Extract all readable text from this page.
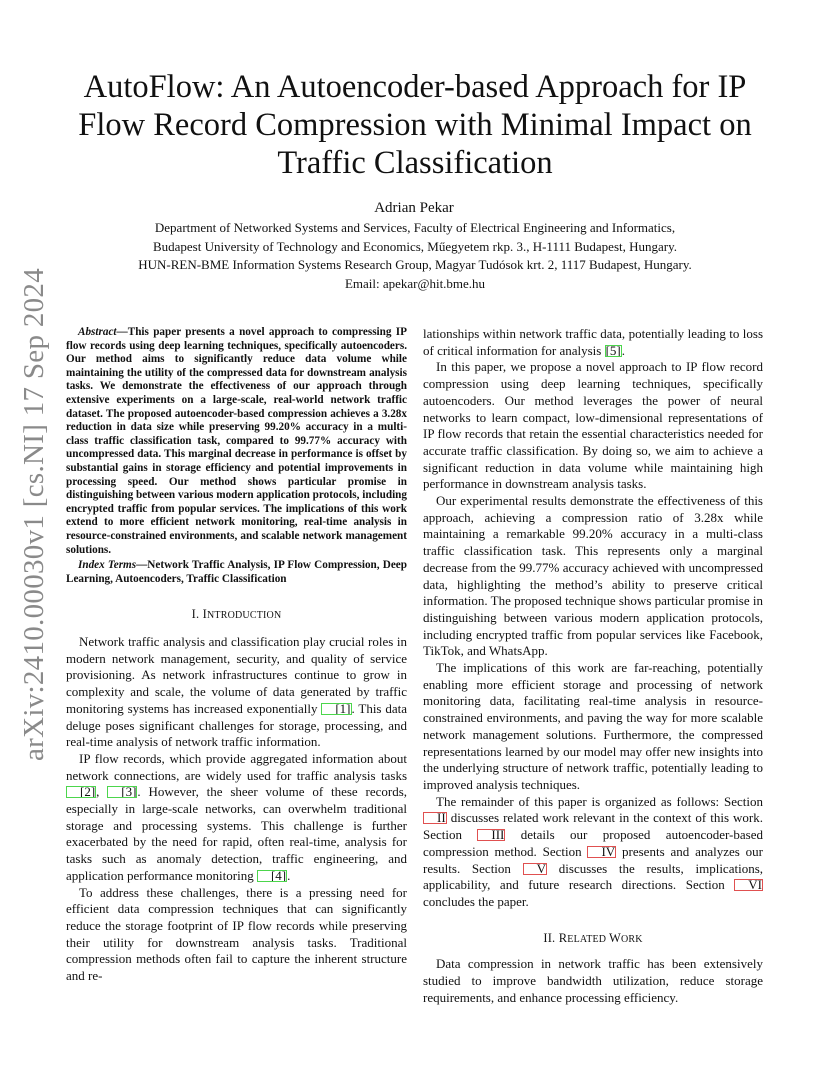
arXiv:2410.00030v1 [cs.NI] 17 Sep 2024
AutoFlow: An Autoencoder-based Approach for IP Flow Record Compression with Minimal Impact on Traffic Classification
Adrian Pekar
Department of Networked Systems and Services, Faculty of Electrical Engineering and Informatics,
Budapest University of Technology and Economics, Műegyetem rkp. 3., H-1111 Budapest, Hungary.
HUN-REN-BME Information Systems Research Group, Magyar Tudósok krt. 2, 1117 Budapest, Hungary.
Email: apekar@hit.bme.hu

Abstract—This paper presents a novel approach to compressing IP flow records using deep learning techniques, specifically autoencoders. Our method aims to significantly reduce data volume while maintaining the utility of the compressed data for downstream analysis tasks. We demonstrate the effectiveness of our approach through extensive experiments on a large-scale, real-world network traffic dataset. The proposed autoencoder-based compression achieves a 3.28x reduction in data size while preserving 99.20% accuracy in a multi-class traffic classification task, compared to 99.77% accuracy with uncompressed data. This marginal decrease in performance is offset by substantial gains in storage efficiency and potential improvements in processing speed. Our method shows particular promise in distinguishing between various modern application protocols, including encrypted traffic from popular services. The implications of this work extend to more efficient network monitoring, real-time analysis in resource-constrained environments, and scalable network management solutions.

Index Terms—Network Traffic Analysis, IP Flow Compression, Deep Learning, Autoencoders, Traffic Classification

I. INTRODUCTION

Network traffic analysis and classification play crucial roles in modern network management, security, and quality of service provisioning. As network infrastructures continue to grow in complexity and scale, the volume of data generated by traffic monitoring systems has increased exponentially [1]. This data deluge poses significant challenges for storage, processing, and real-time analysis of network traffic information.

IP flow records, which provide aggregated information about network connections, are widely used for traffic analysis tasks [2], [3]. However, the sheer volume of these records, especially in large-scale networks, can overwhelm traditional storage and processing systems. This challenge is further exacerbated by the need for rapid, often real-time, analysis for tasks such as anomaly detection, traffic engineering, and application performance monitoring [4].

To address these challenges, there is a pressing need for efficient data compression techniques that can significantly reduce the storage footprint of IP flow records while preserving their utility for downstream analysis tasks. Traditional compression methods often fail to capture the inherent structure and re-

lationships within network traffic data, potentially leading to loss of critical information for analysis [5].

In this paper, we propose a novel approach to IP flow record compression using deep learning techniques, specifically autoencoders. Our method leverages the power of neural networks to learn compact, low-dimensional representations of IP flow records that retain the essential characteristics needed for accurate traffic classification. By doing so, we aim to achieve a significant reduction in data volume while maintaining high performance in downstream analysis tasks.

Our experimental results demonstrate the effectiveness of this approach, achieving a compression ratio of 3.28x while maintaining a remarkable 99.20% accuracy in a multi-class traffic classification task. This represents only a marginal decrease from the 99.77% accuracy achieved with uncompressed data, highlighting the method’s ability to preserve critical information. The proposed technique shows particular promise in distinguishing between various modern application protocols, including encrypted traffic from popular services like Facebook, TikTok, and WhatsApp.

The implications of this work are far-reaching, potentially enabling more efficient storage and processing of network monitoring data, facilitating real-time analysis in resource-constrained environments, and paving the way for more scalable network management solutions. Furthermore, the compressed representations learned by our model may offer new insights into the underlying structure of network traffic, potentially leading to improved analysis techniques.

The remainder of this paper is organized as follows: Section II discusses related work relevant in the context of this work. Section III details our proposed autoencoder-based compression method. Section IV presents and analyzes our results. Section V discusses the results, implications, applicability, and future research directions. Section VI concludes the paper.

II. RELATED WORK

Data compression in network traffic has been extensively studied to improve bandwidth utilization, reduce storage requirements, and enhance processing efficiency.
